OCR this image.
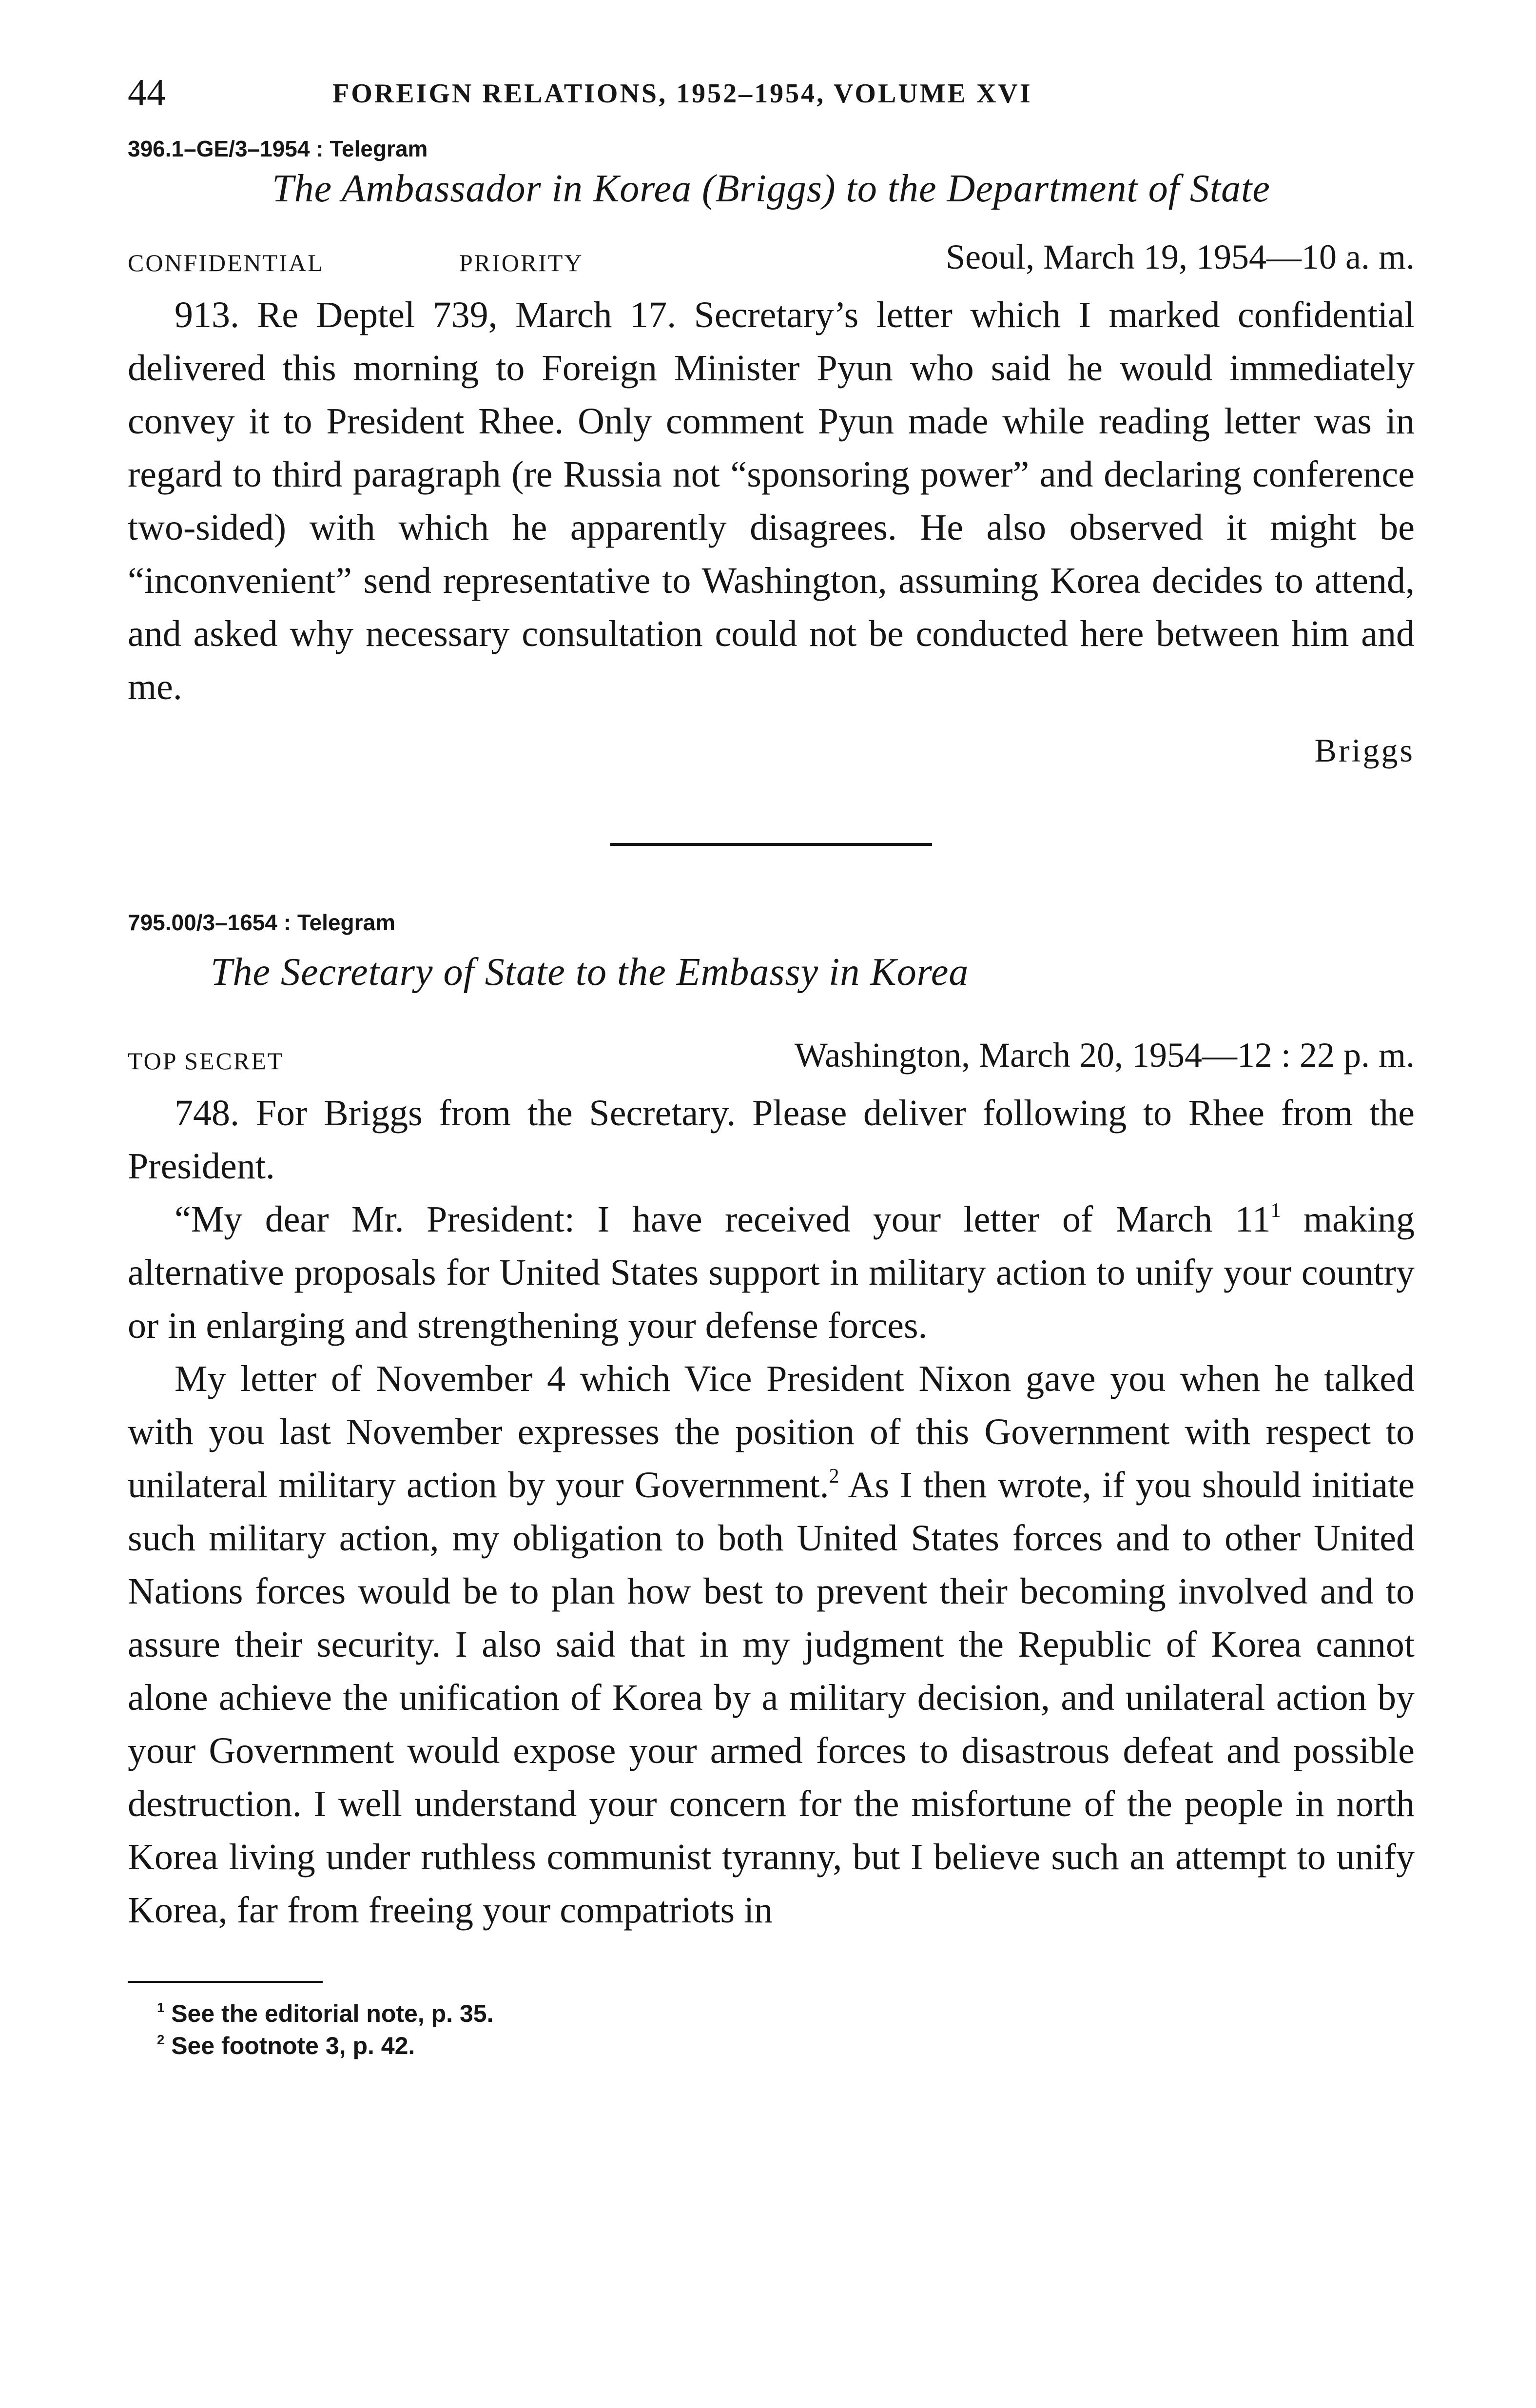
44	FOREIGN RELATIONS, 1952–1954, VOLUME XVI
396.1–GE/3–1954 : Telegram
The Ambassador in Korea (Briggs) to the Department of State
CONFIDENTIAL	PRIORITY	Seoul, March 19, 1954—10 a. m.

913. Re Deptel 739, March 17. Secretary’s letter which I marked confidential delivered this morning to Foreign Minister Pyun who said he would immediately convey it to President Rhee. Only comment Pyun made while reading letter was in regard to third paragraph (re Russia not “sponsoring power” and declaring conference two-sided) with which he apparently disagrees. He also observed it might be “inconvenient” send representative to Washington, assuming Korea decides to attend, and asked why necessary consultation could not be conducted here between him and me.

Briggs
795.00/3–1654 : Telegram
The Secretary of State to the Embassy in Korea
TOP SECRET	Washington, March 20, 1954—12 : 22 p. m.

748. For Briggs from the Secretary. Please deliver following to Rhee from the President.

“My dear Mr. President: I have received your letter of March $11^1$ making alternative proposals for United States support in military action to unify your country or in enlarging and strengthening your defense forces.

My letter of November 4 which Vice President Nixon gave you when he talked with you last November expresses the position of this Government with respect to unilateral military action by your Government.$^2$ As I then wrote, if you should initiate such military action, my obligation to both United States forces and to other United Nations forces would be to plan how best to prevent their becoming involved and to assure their security. I also said that in my judgment the Republic of Korea cannot alone achieve the unification of Korea by a military decision, and unilateral action by your Government would expose your armed forces to disastrous defeat and possible destruction. I well understand your concern for the misfortune of the people in north Korea living under ruthless communist tyranny, but I believe such an attempt to unify Korea, far from freeing your compatriots in

$^1$ See the editorial note, p. 35.
$^2$ See footnote 3, p. 42.
